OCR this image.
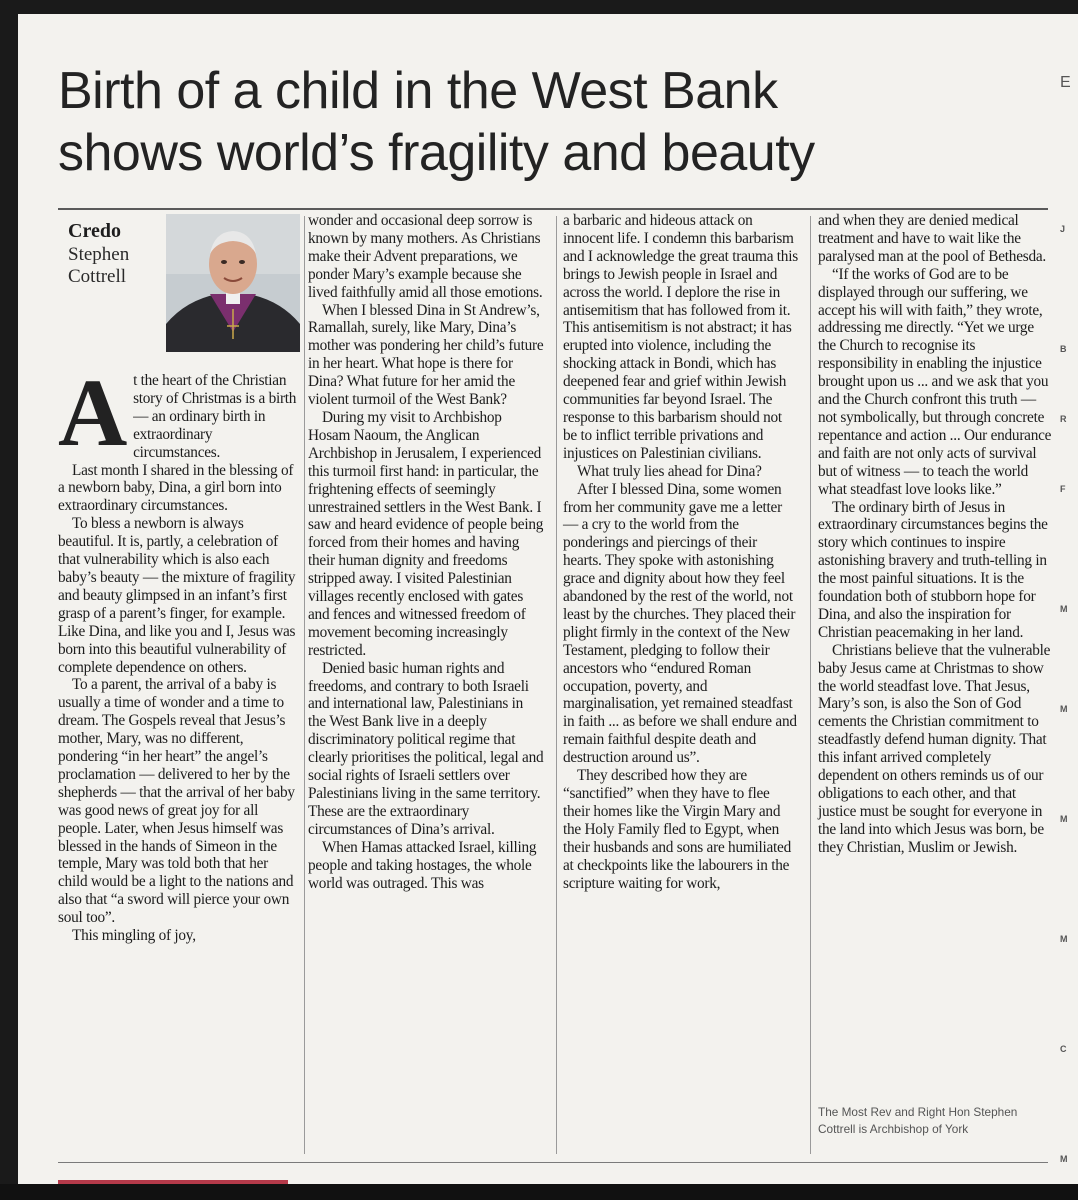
Birth of a child in the West Bank
shows world’s fragility and beauty
Credo
Stephen
Cottrell
A t the heart of the Christian story of Christmas is a birth — an ordinary birth in extraordinary circumstances.

Last month I shared in the blessing of a newborn baby, Dina, a girl born into extraordinary circumstances.

To bless a newborn is always beautiful. It is, partly, a celebration of that vulnerability which is also each baby’s beauty — the mixture of fragility and beauty glimpsed in an infant’s first grasp of a parent’s finger, for example. Like Dina, and like you and I, Jesus was born into this beautiful vulnerability of complete dependence on others.

To a parent, the arrival of a baby is usually a time of wonder and a time to dream. The Gospels reveal that Jesus’s mother, Mary, was no different, pondering “in her heart” the angel’s proclamation — delivered to her by the shepherds — that the arrival of her baby was good news of great joy for all people. Later, when Jesus himself was blessed in the hands of Simeon in the temple, Mary was told both that her child would be a light to the nations and also that “a sword will pierce your own soul too”.

This mingling of joy,

wonder and occasional deep sorrow is known by many mothers. As Christians make their Advent preparations, we ponder Mary’s example because she lived faithfully amid all those emotions.

When I blessed Dina in St Andrew’s, Ramallah, surely, like Mary, Dina’s mother was pondering her child’s future in her heart. What hope is there for Dina? What future for her amid the violent turmoil of the West Bank?

During my visit to Archbishop Hosam Naoum, the Anglican Archbishop in Jerusalem, I experienced this turmoil first hand: in particular, the frightening effects of seemingly unrestrained settlers in the West Bank. I saw and heard evidence of people being forced from their homes and having their human dignity and freedoms stripped away. I visited Palestinian villages recently enclosed with gates and fences and witnessed freedom of movement becoming increasingly restricted.

Denied basic human rights and freedoms, and contrary to both Israeli and international law, Palestinians in the West Bank live in a deeply discriminatory political regime that clearly prioritises the political, legal and social rights of Israeli settlers over Palestinians living in the same territory. These are the extraordinary circumstances of Dina’s arrival.

When Hamas attacked Israel, killing people and taking hostages, the whole world was outraged. This was

a barbaric and hideous attack on innocent life. I condemn this barbarism and I acknowledge the great trauma this brings to Jewish people in Israel and across the world. I deplore the rise in antisemitism that has followed from it. This antisemitism is not abstract; it has erupted into violence, including the shocking attack in Bondi, which has deepened fear and grief within Jewish communities far beyond Israel. The response to this barbarism should not be to inflict terrible privations and injustices on Palestinian civilians.

What truly lies ahead for Dina?

After I blessed Dina, some women from her community gave me a letter — a cry to the world from the ponderings and piercings of their hearts. They spoke with astonishing grace and dignity about how they feel abandoned by the rest of the world, not least by the churches. They placed their plight firmly in the context of the New Testament, pledging to follow their ancestors who “endured Roman occupation, poverty, and marginalisation, yet remained steadfast in faith ... as before we shall endure and remain faithful despite death and destruction around us”.

They described how they are “sanctified” when they have to flee their homes like the Virgin Mary and the Holy Family fled to Egypt, when their husbands and sons are humiliated at checkpoints like the labourers in the scripture waiting for work,

and when they are denied medical treatment and have to wait like the paralysed man at the pool of Bethesda.

“If the works of God are to be displayed through our suffering, we accept his will with faith,” they wrote, addressing me directly. “Yet we urge the Church to recognise its responsibility in enabling the injustice brought upon us ... and we ask that you and the Church confront this truth — not symbolically, but through concrete repentance and action ... Our endurance and faith are not only acts of survival but of witness — to teach the world what steadfast love looks like.”

The ordinary birth of Jesus in extraordinary circumstances begins the story which continues to inspire astonishing bravery and truth-telling in the most painful situations. It is the foundation both of stubborn hope for Dina, and also the inspiration for Christian peacemaking in her land.

Christians believe that the vulnerable baby Jesus came at Christmas to show the world steadfast love. That Jesus, Mary’s son, is also the Son of God cements the Christian commitment to steadfastly defend human dignity. That this infant arrived completely dependent on others reminds us of our obligations to each other, and that justice must be sought for everyone in the land into which Jesus was born, be they Christian, Muslim or Jewish.

The Most Rev and Right Hon Stephen Cottrell is Archbishop of York
E
J
B
R
F
M
M
M
M
C
M
